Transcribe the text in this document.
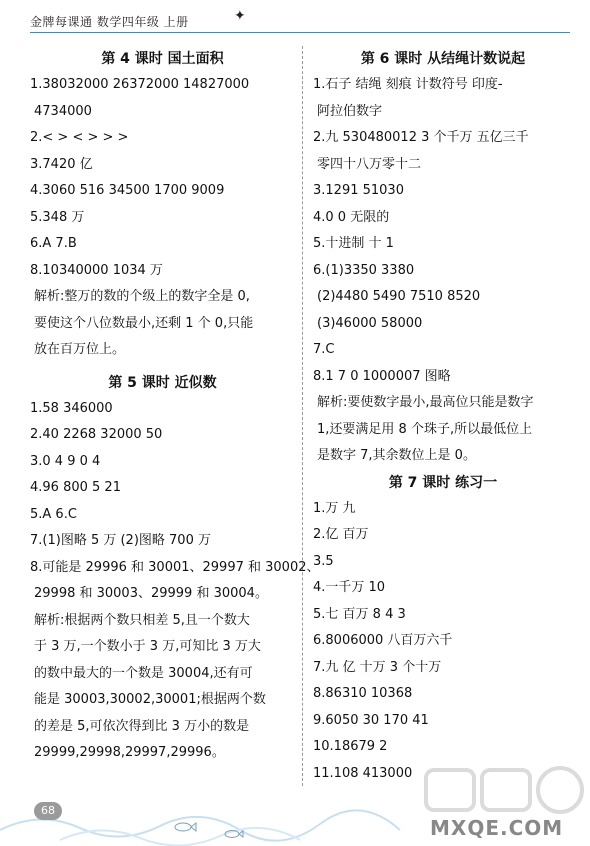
金牌每课通 数学四年级 上册	✦
第 4 课时 国土面积
1.38032000 26372000 14827000
4734000
2.< > < > > >
3.7420 亿
4.3060 516 34500 1700 9009
5.348 万
6.A 7.B
8.10340000 1034 万
解析:整万的数的个级上的数字全是 0,
要使这个八位数最小,还剩 1 个 0,只能
放在百万位上。
第 5 课时 近似数
1.58 346000
2.40 2268 32000 50
3.0 4 9 0 4
4.96 800 5 21
5.A 6.C
7.(1)图略 5 万 (2)图略 700 万
8.可能是 29996 和 30001、29997 和 30002、
29998 和 30003、29999 和 30004。
解析:根据两个数只相差 5,且一个数大
于 3 万,一个数小于 3 万,可知比 3 万大
的数中最大的一个数是 30004,还有可
能是 30003,30002,30001;根据两个数
的差是 5,可依次得到比 3 万小的数是
29999,29998,29997,29996。
第 6 课时 从结绳计数说起
1.石子 结绳 刻痕 计数符号 印度-
阿拉伯数字
2.九 530480012 3 个千万 五亿三千
零四十八万零十二
3.1291 51030
4.0 0 无限的
5.十进制 十 1
6.(1)3350 3380
(2)4480 5490 7510 8520
(3)46000 58000
7.C
8.1 7 0 1000007 图略
解析:要使数字最小,最高位只能是数字
1,还要满足用 8 个珠子,所以最低位上
是数字 7,其余数位上是 0。
第 7 课时 练习一
1.万 九
2.亿 百万
3.5
4.一千万 10
5.七 百万 8 4 3
6.8006000 八百万六千
7.九 亿 十万 3 个十万
8.86310 10368
9.6050 30 170 41
10.18679 2
11.108 413000
68
MXQE.COM
